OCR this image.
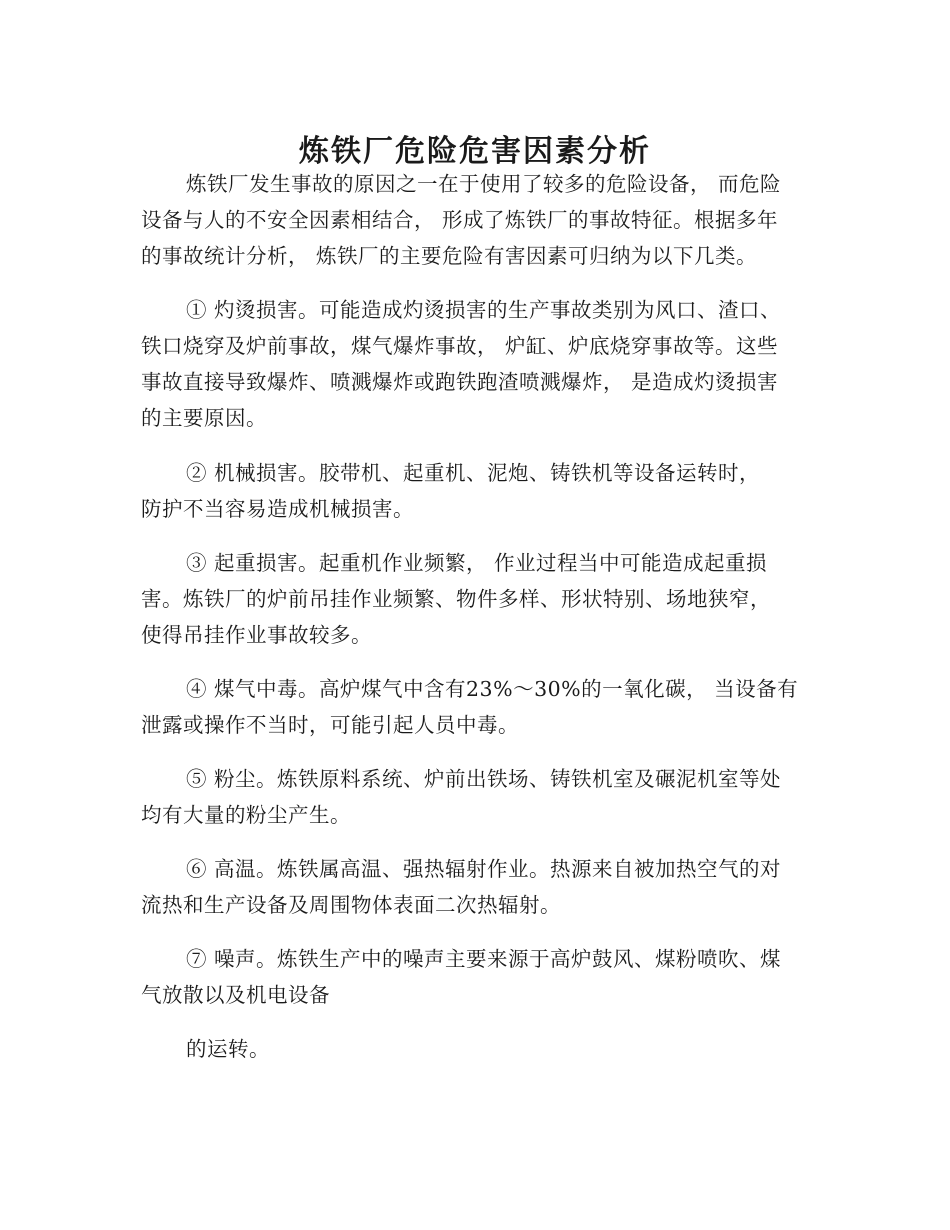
炼铁厂危险危害因素分析
炼铁厂发生事故的原因之一在于使用了较多的危险设备， 而危险
设备与人的不安全因素相结合， 形成了炼铁厂的事故特征。根据多年
的事故统计分析， 炼铁厂的主要危险有害因素可归纳为以下几类。
① 灼烫损害。可能造成灼烫损害的生产事故类别为风口、渣口、
铁口烧穿及炉前事故，煤气爆炸事故， 炉缸、炉底烧穿事故等。这些
事故直接导致爆炸、喷溅爆炸或跑铁跑渣喷溅爆炸， 是造成灼烫损害
的主要原因。
② 机械损害。胶带机、起重机、泥炮、铸铁机等设备运转时，
防护不当容易造成机械损害。
③ 起重损害。起重机作业频繁， 作业过程当中可能造成起重损
害。炼铁厂的炉前吊挂作业频繁、物件多样、形状特别、场地狭窄，
使得吊挂作业事故较多。
④ 煤气中毒。高炉煤气中含有23%～30%的一氧化碳， 当设备有
泄露或操作不当时，可能引起人员中毒。
⑤ 粉尘。炼铁原料系统、炉前出铁场、铸铁机室及碾泥机室等处
均有大量的粉尘产生。
⑥ 高温。炼铁属高温、强热辐射作业。热源来自被加热空气的对
流热和生产设备及周围物体表面二次热辐射。
⑦ 噪声。炼铁生产中的噪声主要来源于高炉鼓风、煤粉喷吹、煤
气放散以及机电设备
的运转。
